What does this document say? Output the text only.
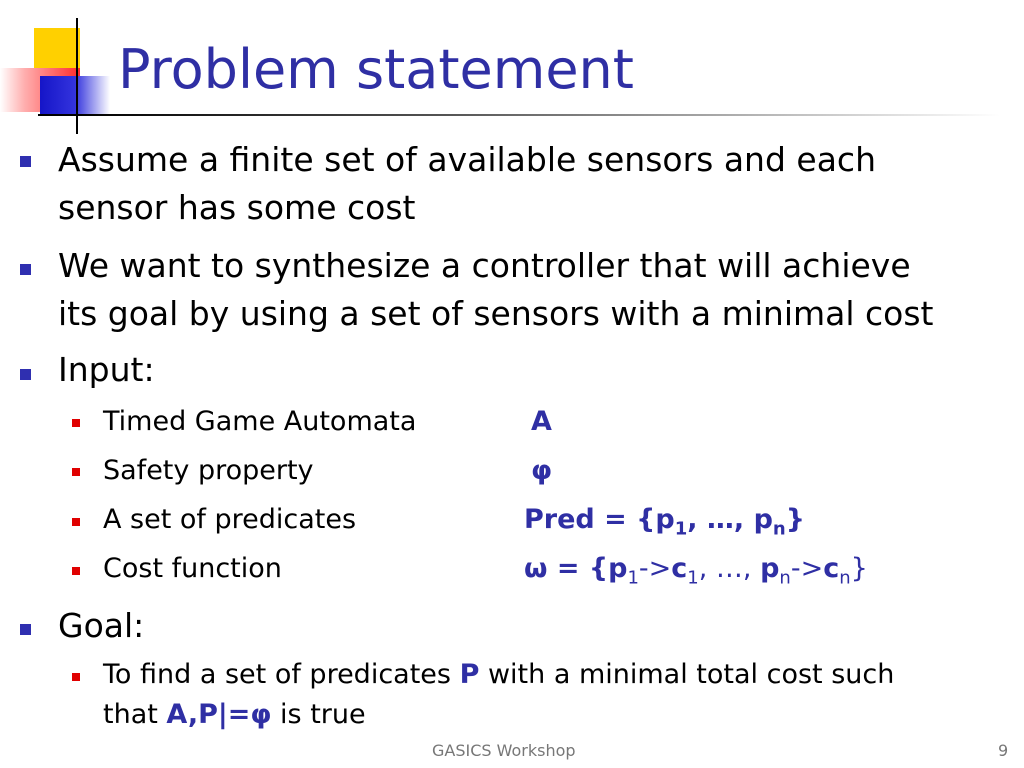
Problem statement
Assume a finite set of available sensors and each
sensor has some cost
We want to synthesize a controller that will achieve
its goal by using a set of sensors with a minimal cost
Input:
Timed Game Automata	A
Safety property	φ
A set of predicates	Pred = {$p_1$, …, $p_n$}
Cost function	$\omega = \{p_1->c_1$, …, $p_n->c_n$}
Goal:
To find a set of predicates P with a minimal total cost such
that A,P|=φ is true
GASICS Workshop	9
